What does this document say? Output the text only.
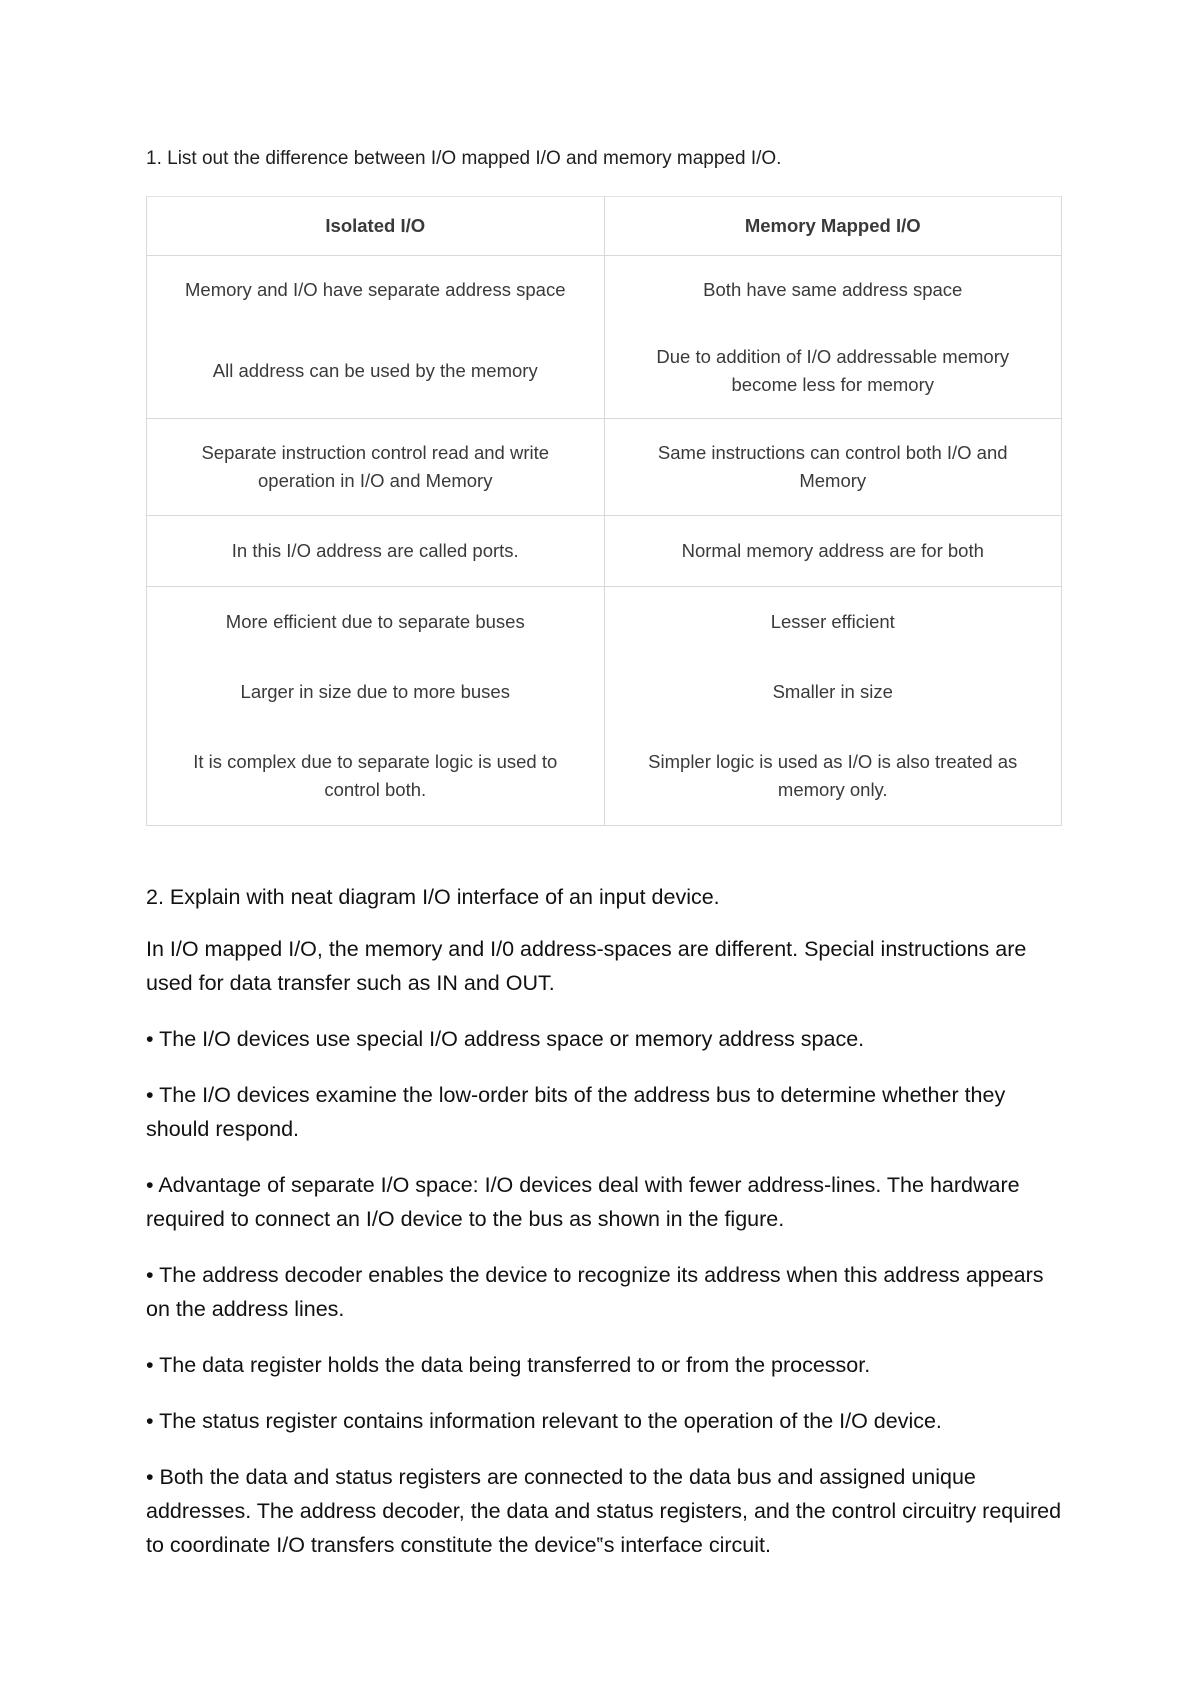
1. List out the difference between I/O mapped I/O and memory mapped I/O.

Isolated I/O	Memory Mapped I/O
Memory and I/O have separate address space	Both have same address space
All address can be used by the memory	Due to addition of I/O addressable memory become less for memory
Separate instruction control read and write operation in I/O and Memory	Same instructions can control both I/O and Memory
In this I/O address are called ports.	Normal memory address are for both
More efficient due to separate buses	Lesser efficient
Larger in size due to more buses	Smaller in size
It is complex due to separate logic is used to control both.	Simpler logic is used as I/O is also treated as memory only.

2. Explain with neat diagram I/O interface of an input device.

In I/O mapped I/O, the memory and I/0 address-spaces are different. Special instructions are used for data transfer such as IN and OUT.

• The I/O devices use special I/O address space or memory address space.

• The I/O devices examine the low-order bits of the address bus to determine whether they should respond.

• Advantage of separate I/O space: I/O devices deal with fewer address-lines. The hardware required to connect an I/O device to the bus as shown in the figure.

• The address decoder enables the device to recognize its address when this address appears on the address lines.

• The data register holds the data being transferred to or from the processor.

• The status register contains information relevant to the operation of the I/O device.

• Both the data and status registers are connected to the data bus and assigned unique addresses. The address decoder, the data and status registers, and the control circuitry required to coordinate I/O transfers constitute the device‟s interface circuit.
